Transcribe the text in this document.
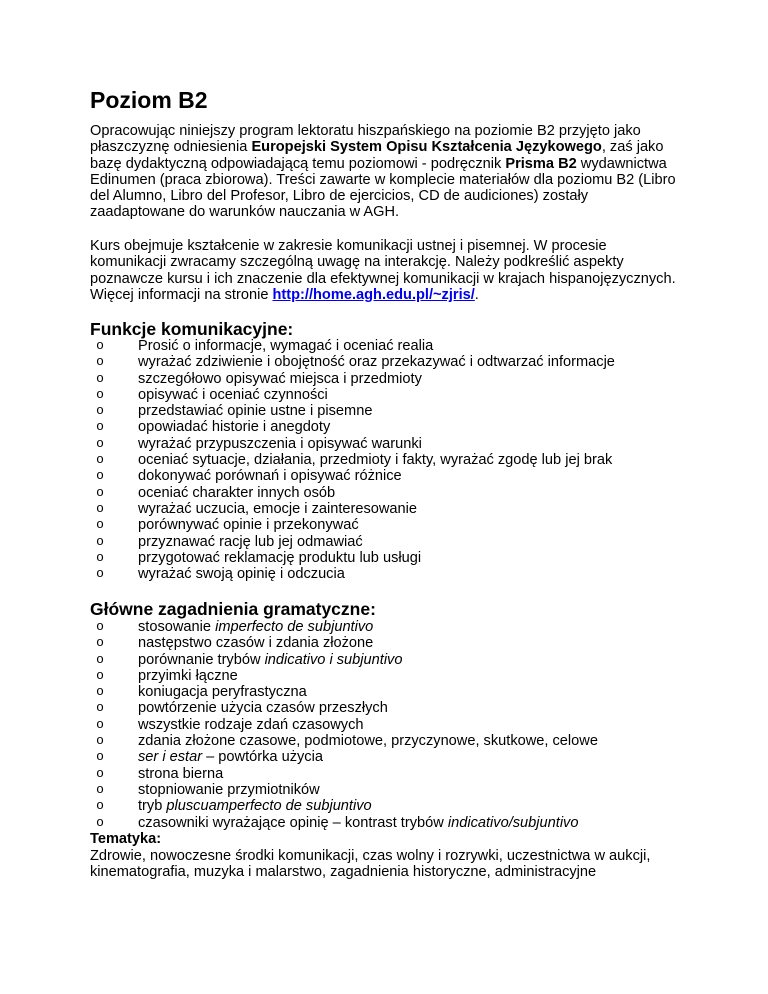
Poziom B2

Opracowując niniejszy program lektoratu hiszpańskiego na poziomie B2 przyjęto jako płaszczyznę odniesienia Europejski System Opisu Kształcenia Językowego, zaś jako bazę dydaktyczną odpowiadającą temu poziomowi - podręcznik Prisma B2 wydawnictwa Edinumen (praca zbiorowa). Treści zawarte w komplecie materiałów dla poziomu B2 (Libro del Alumno, Libro del Profesor, Libro de ejercicios, CD de audiciones) zostały zaadaptowane do warunków nauczania w AGH.

Kurs obejmuje kształcenie w zakresie komunikacji ustnej i pisemnej. W procesie komunikacji zwracamy szczególną uwagę na interakcję. Należy podkreślić aspekty poznawcze kursu i ich znaczenie dla efektywnej komunikacji w krajach hispanojęzycznych. Więcej informacji na stronie http://home.agh.edu.pl/~zjris/.

Funkcje komunikacyjne:
o	Prosić o informacje, wymagać i oceniać realia
o	wyrażać zdziwienie i obojętność oraz przekazywać i odtwarzać informacje
o	szczegółowo opisywać miejsca i przedmioty
o	opisywać i oceniać czynności
o	przedstawiać opinie ustne i pisemne
o	opowiadać historie i anegdoty
o	wyrażać przypuszczenia i opisywać warunki
o	oceniać sytuacje, działania, przedmioty i fakty, wyrażać zgodę lub jej brak
o	dokonywać porównań i opisywać różnice
o	oceniać charakter innych osób
o	wyrażać uczucia, emocje i zainteresowanie
o	porównywać opinie i przekonywać
o	przyznawać rację lub jej odmawiać
o	przygotować reklamację produktu lub usługi
o	wyrażać swoją opinię i odczucia
Główne zagadnienia gramatyczne:
o	stosowanie imperfecto de subjuntivo
o	następstwo czasów i zdania złożone
o	porównanie trybów indicativo i subjuntivo
o	przyimki łączne
o	koniugacja peryfrastyczna
o	powtórzenie użycia czasów przeszłych
o	wszystkie rodzaje zdań czasowych
o	zdania złożone czasowe, podmiotowe, przyczynowe, skutkowe, celowe
o	ser i estar – powtórka użycia
o	strona bierna
o	stopniowanie przymiotników
o	tryb pluscuamperfecto de subjuntivo
o	czasowniki wyrażające opinię – kontrast trybów indicativo/subjuntivo

Tematyka:

Zdrowie, nowoczesne środki komunikacji, czas wolny i rozrywki, uczestnictwa w aukcji, kinematografia, muzyka i malarstwo, zagadnienia historyczne, administracyjne
